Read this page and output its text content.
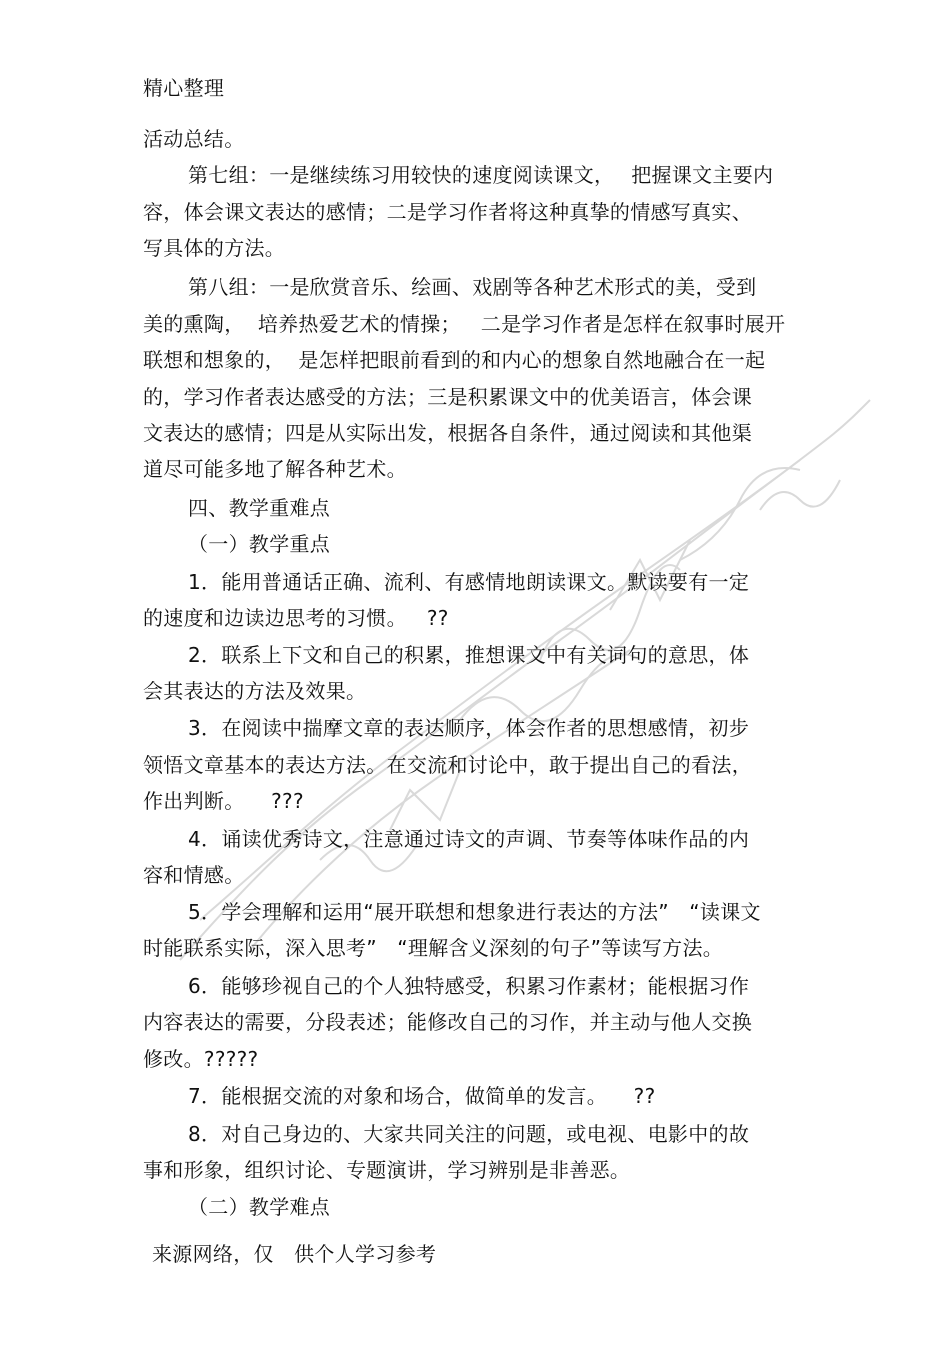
精心整理
活动总结。
第七组：一是继续练习用较快的速度阅读课文，　 把握课文主要内
容，体会课文表达的感情；二是学习作者将这种真挚的情感写真实、
写具体的方法。
第八组：一是欣赏音乐、绘画、戏剧等各种艺术形式的美，受到
美的熏陶，  培养热爱艺术的情操；   二是学习作者是怎样在叙事时展开
联想和想象的，  是怎样把眼前看到的和内心的想象自然地融合在一起
的，学习作者表达感受的方法；三是积累课文中的优美语言，体会课
文表达的感情；四是从实际出发，根据各自条件，通过阅读和其他渠
道尽可能多地了解各种艺术。
四、教学重难点
（一）教学重点
1．能用普通话正确、流利、有感情地朗读课文。默读要有一定
的速度和边读边思考的习惯。   ??
2．联系上下文和自己的积累，推想课文中有关词句的意思，体
会其表达的方法及效果。
3．在阅读中揣摩文章的表达顺序，体会作者的思想感情，初步
领悟文章基本的表达方法。在交流和讨论中，敢于提出自己的看法，
作出判断。    ???
4．诵读优秀诗文，注意通过诗文的声调、节奏等体味作品的内
容和情感。
5．学会理解和运用“展开联想和想象进行表达的方法”　“读课文
时能联系实际，深入思考”　“理解含义深刻的句子”等读写方法。
6．能够珍视自己的个人独特感受，积累习作素材；能根据习作
内容表达的需要，分段表述；能修改自己的习作，并主动与他人交换
修改。?????
7．能根据交流的对象和场合，做简单的发言。    ??
8．对自己身边的、大家共同关注的问题，或电视、电影中的故
事和形象，组织讨论、专题演讲，学习辨别是非善恶。
（二）教学难点
来源网络，仅　供个人学习参考
